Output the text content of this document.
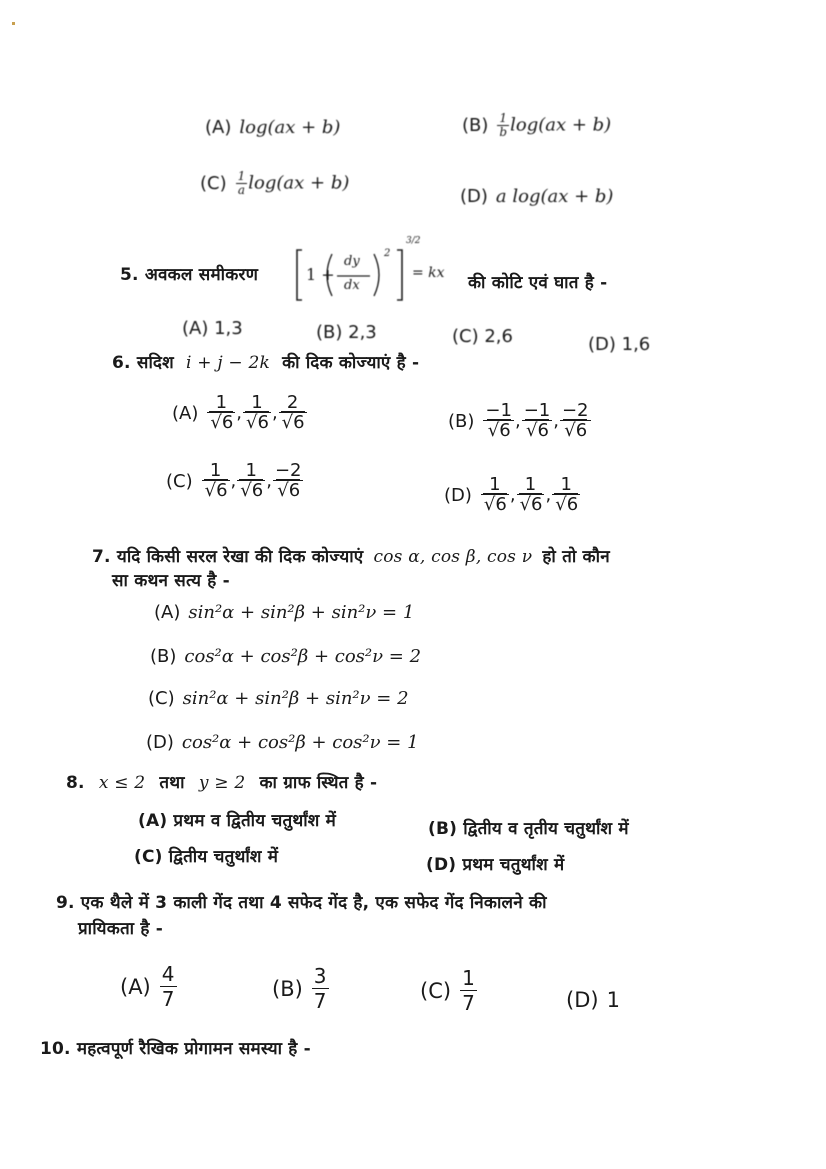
(A) log(ax + b)	$(B) \frac{1}{b} \log(ax + b)$
$(C) \frac{1}{a} \log(ax + b)$
(D) a log(ax + b)
5. अवकल समीकरण	1 +
dy
dx
2
3/2
= kx की कोटि एवं घात है -
(A) 1,3	(B) 2,3	(C) 2,6	(D) 1,6
6. सदिश i + j − 2k की दिक कोज्याएं है -
$(A) \frac{1}{√6}$ , $\frac{1}{√6}$ , $\frac{2}{√6}$	$(B) \frac{-1}{√6}$ , $\frac{-1}{√6}$ , $\frac{-2}{√6}$
$(C) \frac{1}{√6}$ , $\frac{1}{√6}$ , $\frac{-2}{√6}$	$(D) \frac{1}{√6}$ , $\frac{1}{√6}$ , $\frac{1}{√6}$
7. यदि किसी सरल रेखा की दिक कोज्याएं cos α, cos β, cos ν हो तो कौन
सा कथन सत्य है -
(A) sin²α + sin²β + sin²ν = 1
(B) cos²α + cos²β + cos²ν = 2
(C) sin²α + sin²β + sin²ν = 2
(D) cos²α + cos²β + cos²ν = 1
8. x ≤ 2 तथा y ≥ 2 का ग्राफ स्थित है -
(A) प्रथम व द्वितीय चतुर्थांश में	(B) द्वितीय व तृतीय चतुर्थांश में
(C) द्वितीय चतुर्थांश में	(D) प्रथम चतुर्थांश में
9. एक थैले में 3 काली गेंद तथा 4 सफेद गेंद है, एक सफेद गेंद निकालने की
प्रायिकता है -
$(A) \frac{4}{7}$	$(B) \frac{3}{7}$	$(C) \frac{1}{7}$	(D) 1
10. महत्वपूर्ण रैखिक प्रोगामन समस्या है -
